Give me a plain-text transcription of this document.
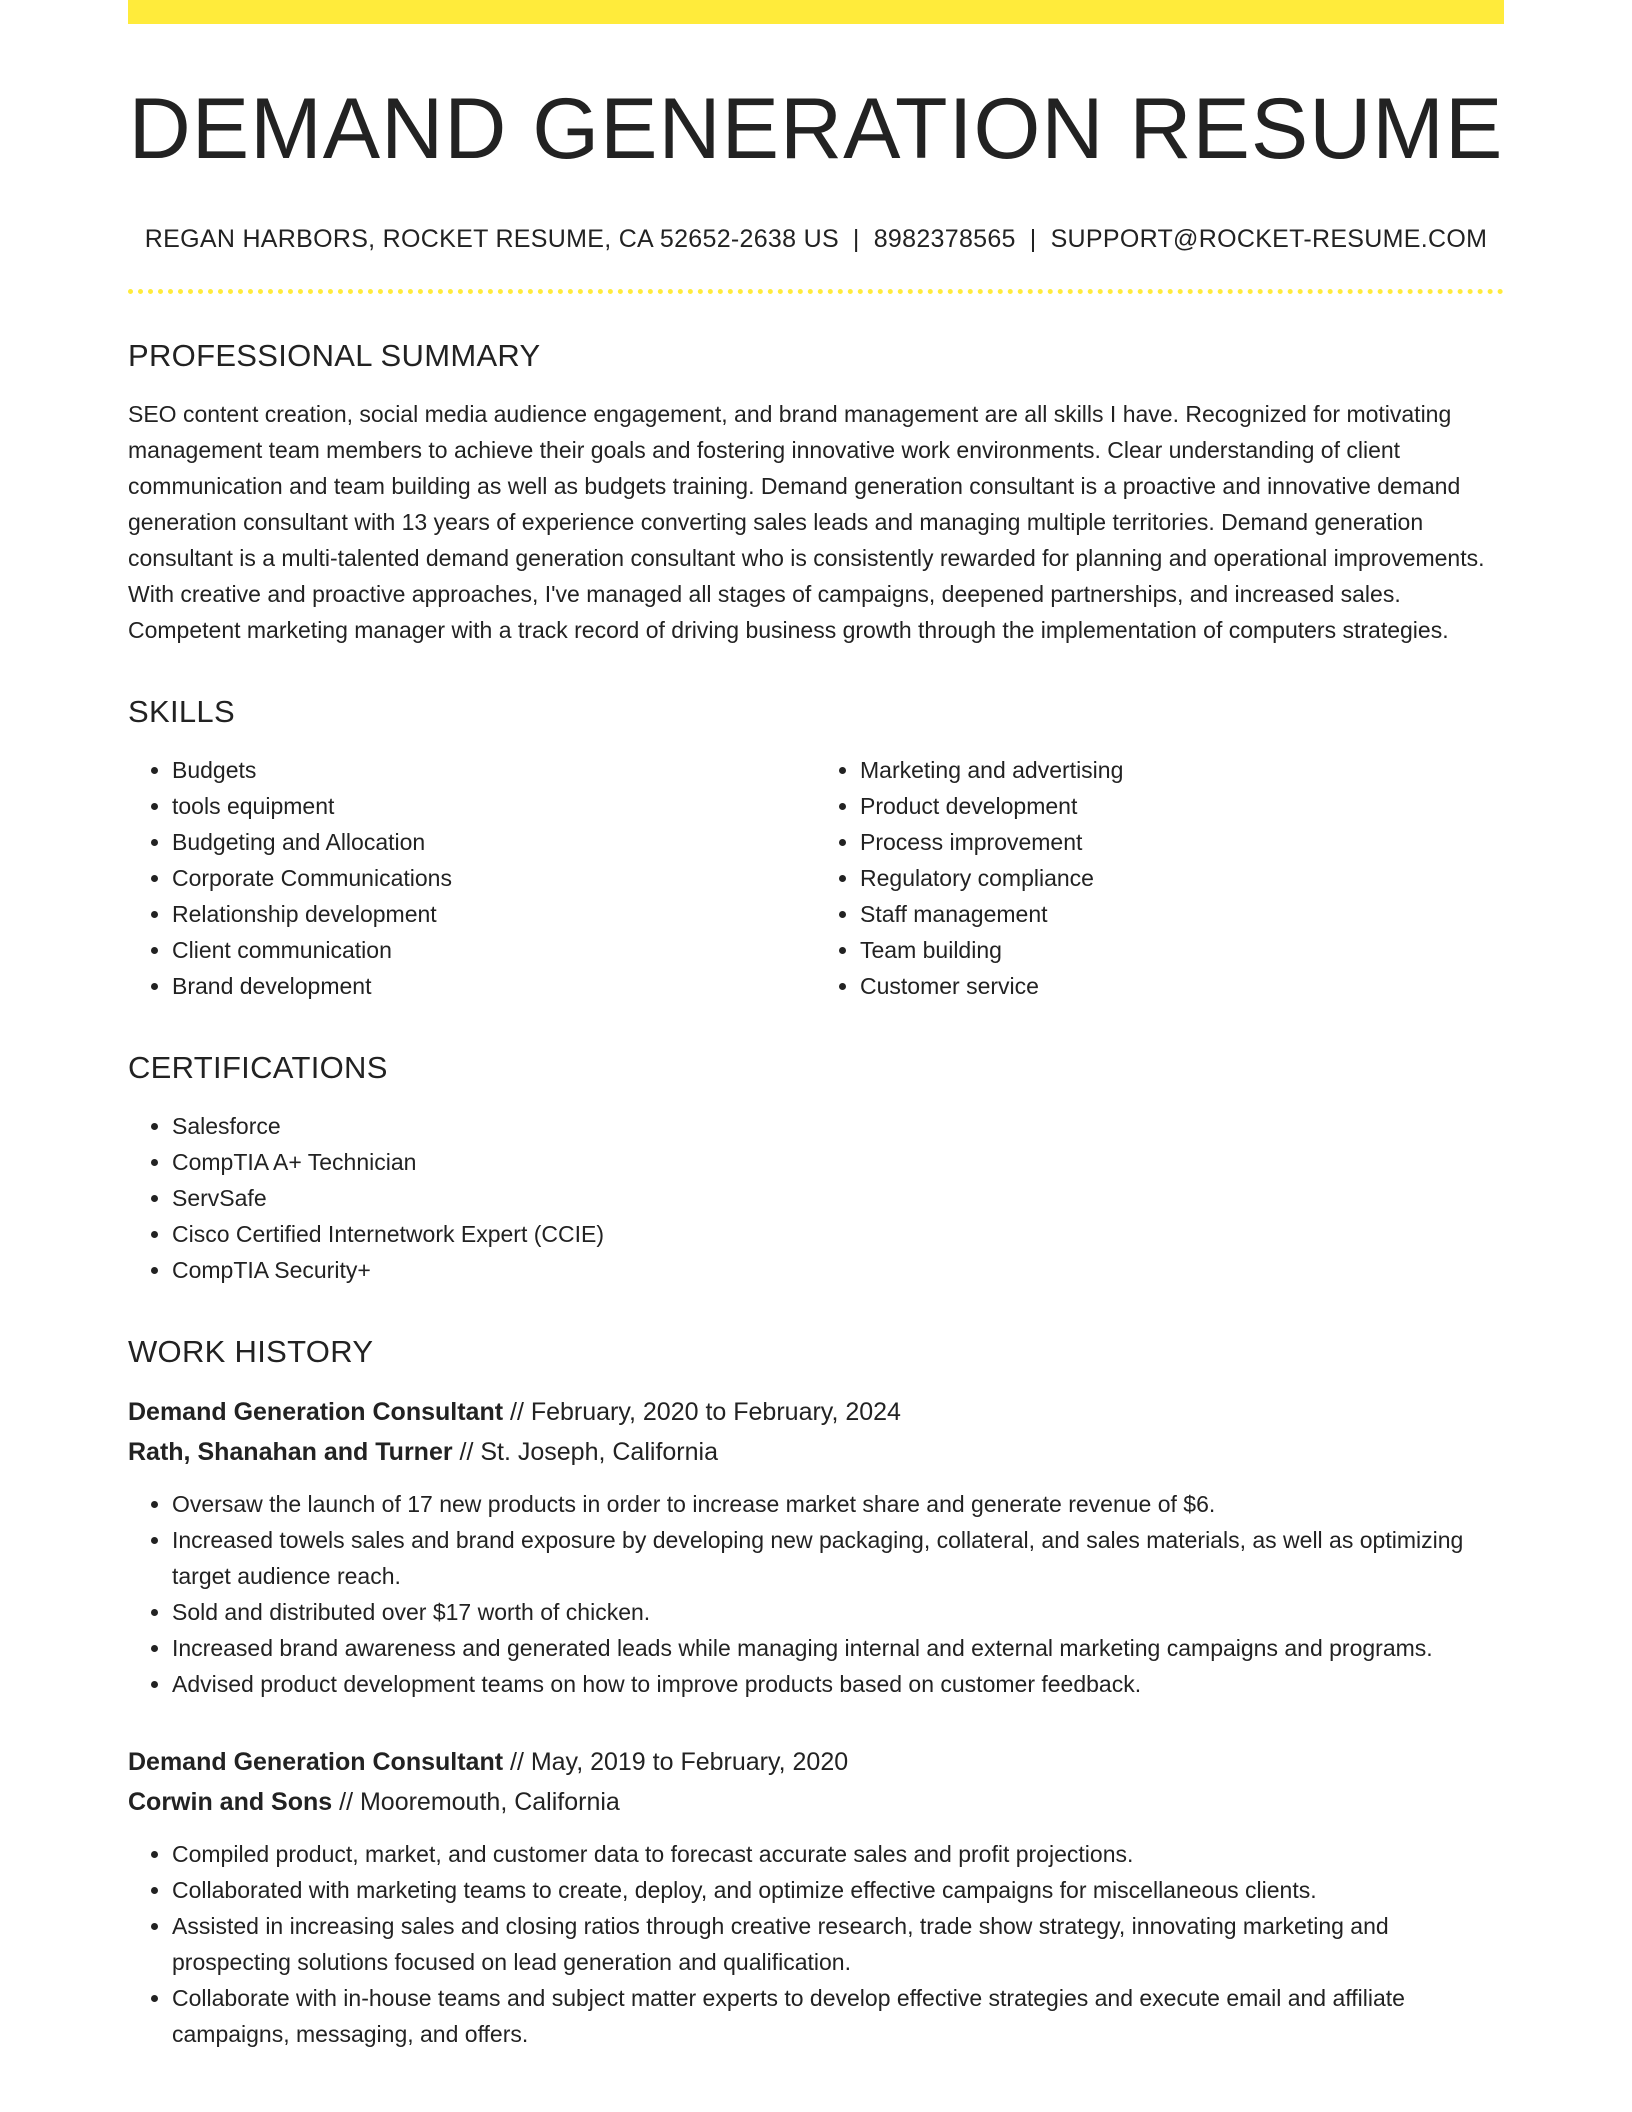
DEMAND GENERATION RESUME
REGAN HARBORS, ROCKET RESUME, CA 52652-2638 US | 8982378565 | SUPPORT@ROCKET-RESUME.COM
PROFESSIONAL SUMMARY

SEO content creation, social media audience engagement, and brand management are all skills I have. Recognized for motivating management team members to achieve their goals and fostering innovative work environments. Clear understanding of client communication and team building as well as budgets training. Demand generation consultant is a proactive and innovative demand generation consultant with 13 years of experience converting sales leads and managing multiple territories. Demand generation consultant is a multi-talented demand generation consultant who is consistently rewarded for planning and operational improvements. With creative and proactive approaches, I've managed all stages of campaigns, deepened partnerships, and increased sales. Competent marketing manager with a track record of driving business growth through the implementation of computers strategies.

SKILLS
• Budgets
• tools equipment
• Budgeting and Allocation
• Corporate Communications
• Relationship development
• Client communication
• Brand development
• Marketing and advertising
• Product development
• Process improvement
• Regulatory compliance
• Staff management
• Team building
• Customer service
CERTIFICATIONS
• Salesforce
• CompTIA A+ Technician
• ServSafe
• Cisco Certified Internetwork Expert (CCIE)
• CompTIA Security+
WORK HISTORY
Demand Generation Consultant // February, 2020 to February, 2024
Rath, Shanahan and Turner // St. Joseph, California
• Oversaw the launch of 17 new products in order to increase market share and generate revenue of $6.
• Increased towels sales and brand exposure by developing new packaging, collateral, and sales materials, as well as optimizing target audience reach.
• Sold and distributed over $17 worth of chicken.
• Increased brand awareness and generated leads while managing internal and external marketing campaigns and programs.
• Advised product development teams on how to improve products based on customer feedback.
Demand Generation Consultant // May, 2019 to February, 2020
Corwin and Sons // Mooremouth, California
• Compiled product, market, and customer data to forecast accurate sales and profit projections.
• Collaborated with marketing teams to create, deploy, and optimize effective campaigns for miscellaneous clients.
• Assisted in increasing sales and closing ratios through creative research, trade show strategy, innovating marketing and prospecting solutions focused on lead generation and qualification.
• Collaborate with in-house teams and subject matter experts to develop effective strategies and execute email and affiliate campaigns, messaging, and offers.
